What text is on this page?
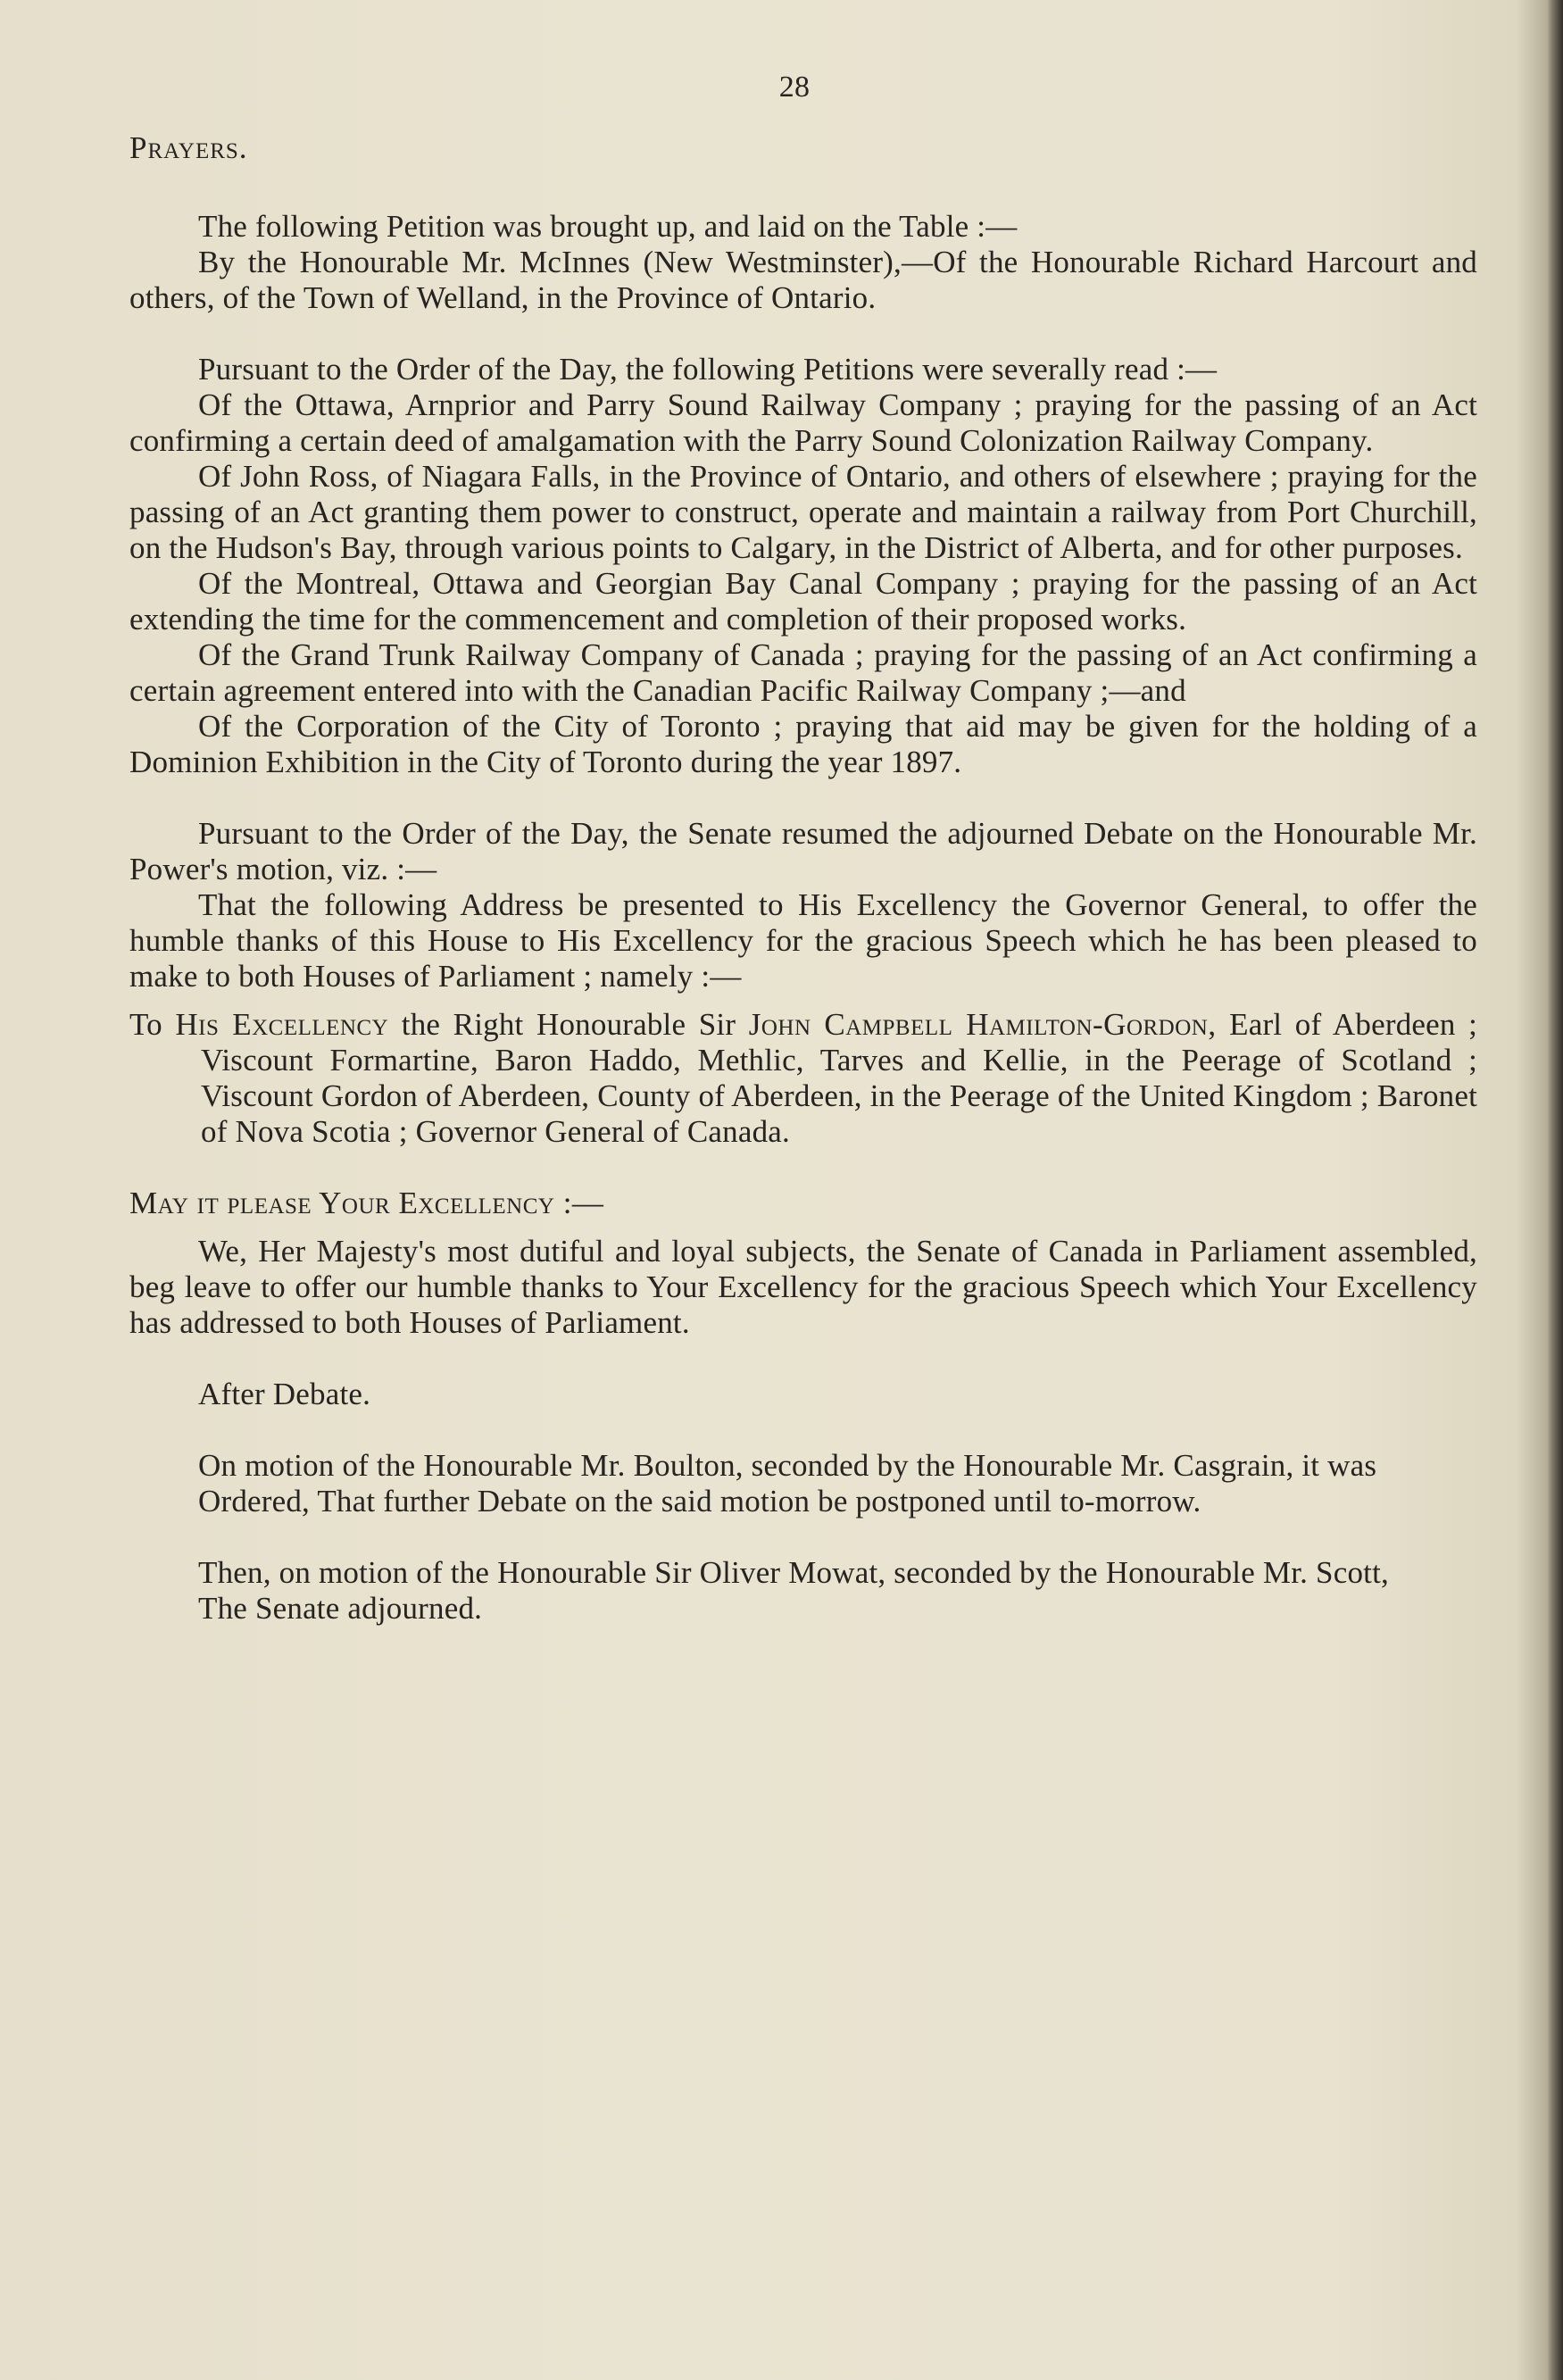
28
Prayers.

The following Petition was brought up, and laid on the Table :—

By the Honourable Mr. McInnes (New Westminster),—Of the Honourable Richard Harcourt and others, of the Town of Welland, in the Province of Ontario.

Pursuant to the Order of the Day, the following Petitions were severally read :—

Of the Ottawa, Arnprior and Parry Sound Railway Company ; praying for the passing of an Act confirming a certain deed of amalgamation with the Parry Sound Colonization Railway Company.

Of John Ross, of Niagara Falls, in the Province of Ontario, and others of elsewhere ; praying for the passing of an Act granting them power to construct, operate and maintain a railway from Port Churchill, on the Hudson's Bay, through various points to Calgary, in the District of Alberta, and for other purposes.

Of the Montreal, Ottawa and Georgian Bay Canal Company ; praying for the passing of an Act extending the time for the commencement and completion of their proposed works.

Of the Grand Trunk Railway Company of Canada ; praying for the passing of an Act confirming a certain agreement entered into with the Canadian Pacific Railway Company ;—and

Of the Corporation of the City of Toronto ; praying that aid may be given for the holding of a Dominion Exhibition in the City of Toronto during the year 1897.

Pursuant to the Order of the Day, the Senate resumed the adjourned Debate on the Honourable Mr. Power's motion, viz. :—

That the following Address be presented to His Excellency the Governor General, to offer the humble thanks of this House to His Excellency for the gracious Speech which he has been pleased to make to both Houses of Parliament ; namely :—

To His Excellency the Right Honourable Sir John Campbell Hamilton-Gordon, Earl of Aberdeen ; Viscount Formartine, Baron Haddo, Methlic, Tarves and Kellie, in the Peerage of Scotland ; Viscount Gordon of Aberdeen, County of Aberdeen, in the Peerage of the United Kingdom ; Baronet of Nova Scotia ; Governor General of Canada.

May it please Your Excellency :—

We, Her Majesty's most dutiful and loyal subjects, the Senate of Canada in Parliament assembled, beg leave to offer our humble thanks to Your Excellency for the gracious Speech which Your Excellency has addressed to both Houses of Parliament.

After Debate.

On motion of the Honourable Mr. Boulton, seconded by the Honourable Mr. Casgrain, it was

Ordered, That further Debate on the said motion be postponed until to-morrow.

Then, on motion of the Honourable Sir Oliver Mowat, seconded by the Honourable Mr. Scott,

The Senate adjourned.
